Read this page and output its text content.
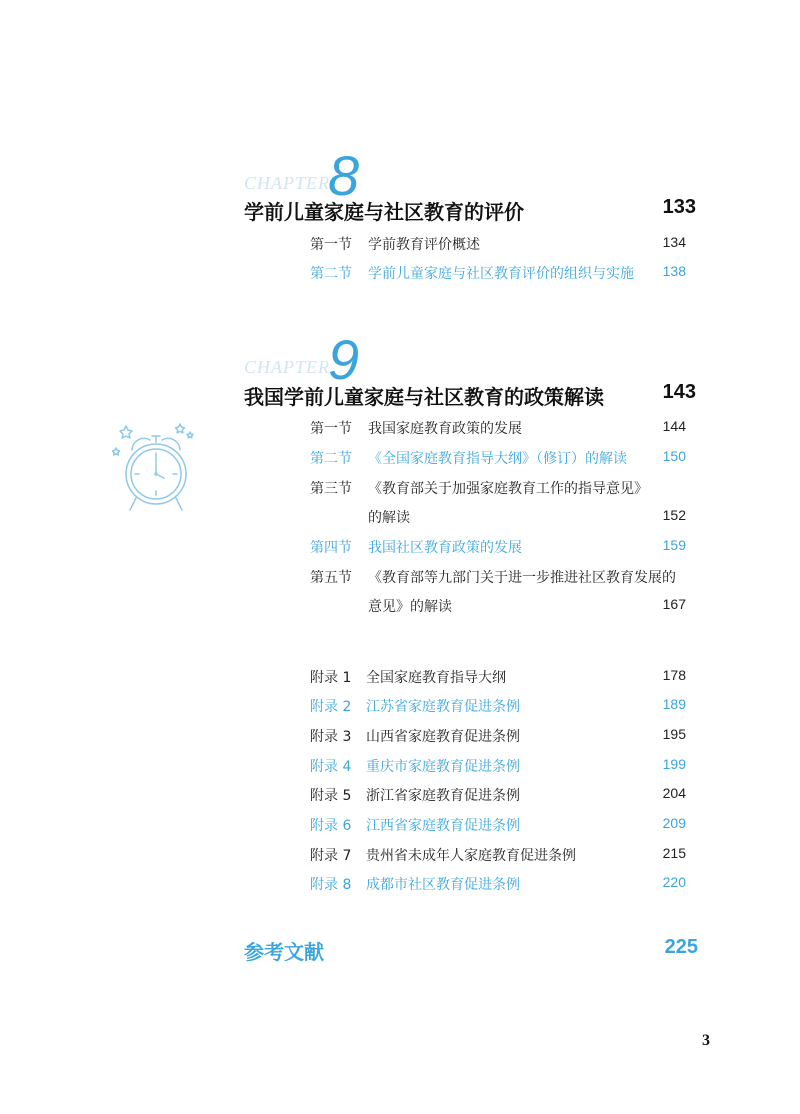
CHAPTER
8
学前儿童家庭与社区教育的评价	133
第一节 学前教育评价概述	134
第二节 学前儿童家庭与社区教育评价的组织与实施 138
CHAPTER
9
我国学前儿童家庭与社区教育的政策解读	143
第一节 我国家庭教育政策的发展	144
第二节 《全国家庭教育指导大纲》（修订）的解读	150
第三节 《教育部关于加强家庭教育工作的指导意见》
的解读	152
第四节 我国社区教育政策的发展	159
第五节 《教育部等九部门关于进一步推进社区教育发展的
意见》的解读	167
附录 1 全国家庭教育指导大纲	178
附录 2 江苏省家庭教育促进条例	189
附录 3 山西省家庭教育促进条例	195
附录 4 重庆市家庭教育促进条例	199
附录 5 浙江省家庭教育促进条例	204
附录 6 江西省家庭教育促进条例	209
附录 7 贵州省未成年人家庭教育促进条例	215
附录 8 成都市社区教育促进条例	220
参考文献	225
3
